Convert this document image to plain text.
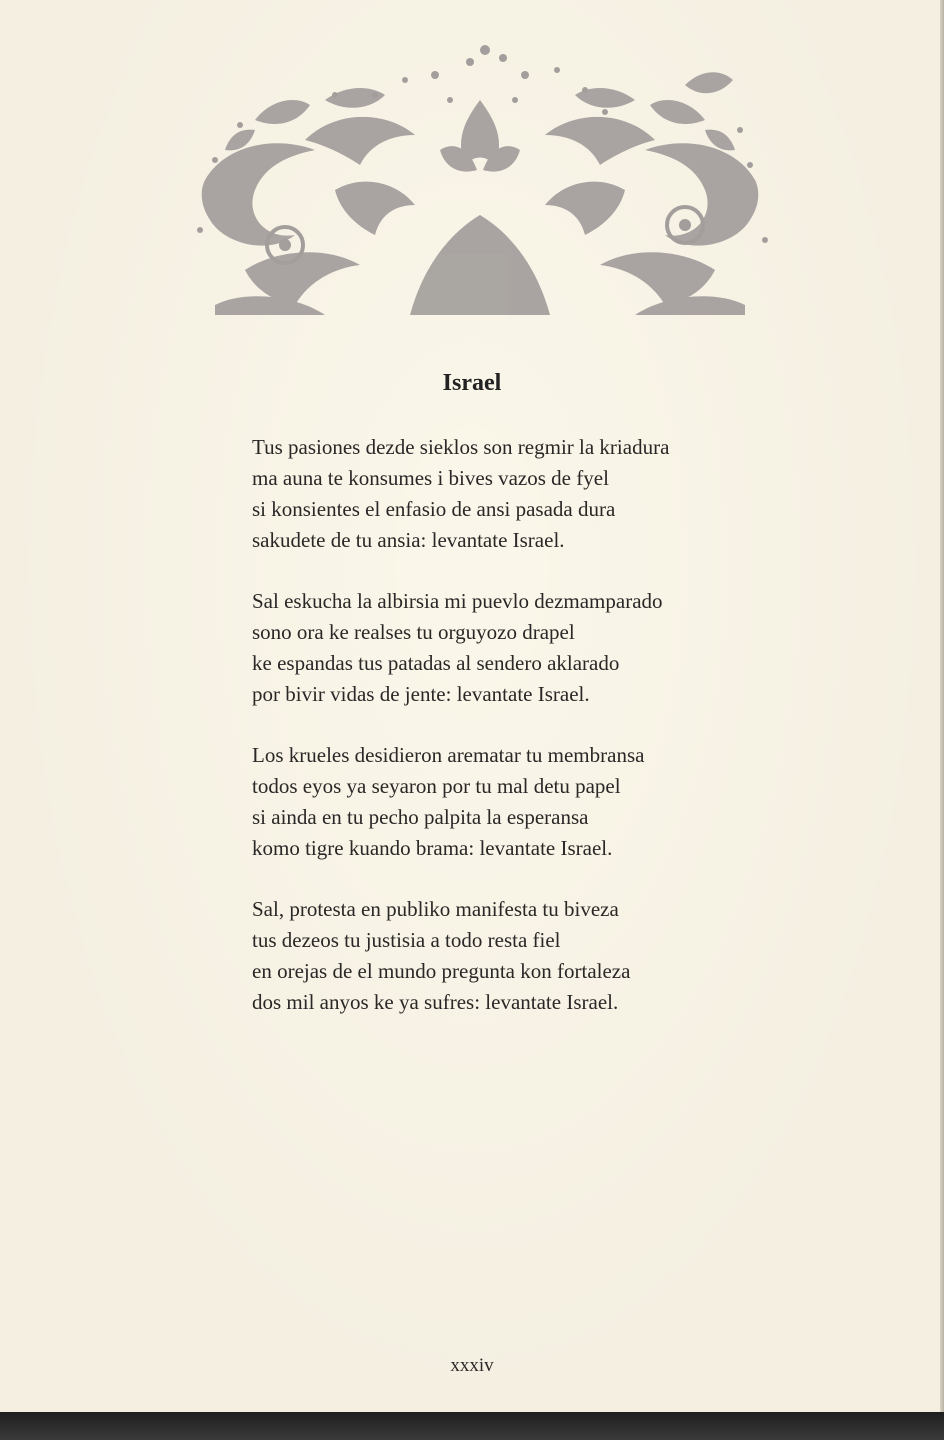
Israel
Tus pasiones dezde sieklos son regmir la kriadura
ma auna te konsumes i bives vazos de fyel
si konsientes el enfasio de ansi pasada dura
sakudete de tu ansia: levantate Israel.
Sal eskucha la albirsia mi puevlo dezmamparado
sono ora ke realses tu orguyozo drapel
ke espandas tus patadas al sendero aklarado
por bivir vidas de jente: levantate Israel.
Los krueles desidieron arematar tu membransa
todos eyos ya seyaron por tu mal detu papel
si ainda en tu pecho palpita la esperansa
komo tigre kuando brama: levantate Israel.
Sal, protesta en publiko manifesta tu biveza
tus dezeos tu justisia a todo resta fiel
en orejas de el mundo pregunta kon fortaleza
dos mil anyos ke ya sufres: levantate Israel.
xxxiv
